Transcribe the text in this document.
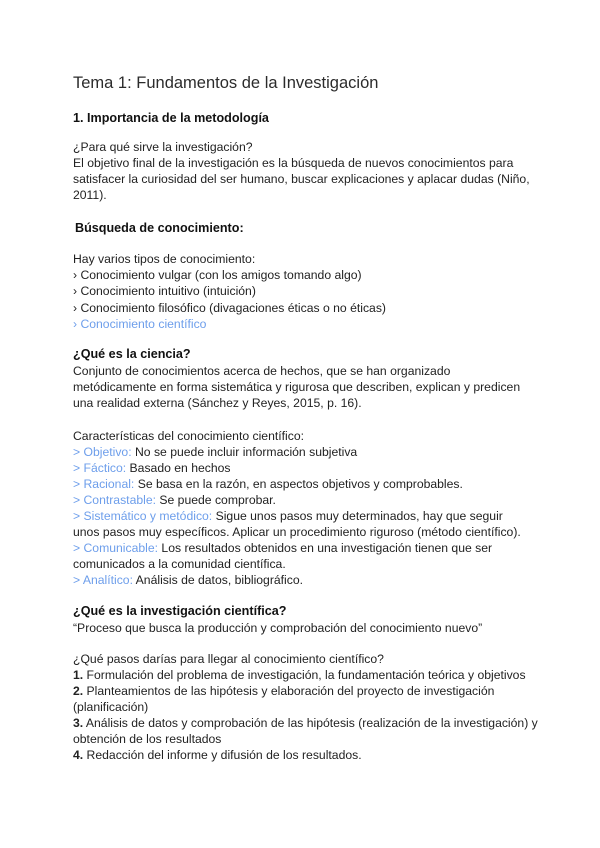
Tema 1: Fundamentos de la Investigación
1. Importancia de la metodología
¿Para qué sirve la investigación?
El objetivo final de la investigación es la búsqueda de nuevos conocimientos para satisfacer la curiosidad del ser humano, buscar explicaciones y aplacar dudas (Niño, 2011).
Búsqueda de conocimiento:
Hay varios tipos de conocimiento:
› Conocimiento vulgar (con los amigos tomando algo)
› Conocimiento intuitivo (intuición)
› Conocimiento filosófico (divagaciones éticas o no éticas)
› Conocimiento científico
¿Qué es la ciencia?
Conjunto de conocimientos acerca de hechos, que se han organizado metódicamente en forma sistemática y rigurosa que describen, explican y predicen una realidad externa (Sánchez y Reyes, 2015, p. 16).
Características del conocimiento científico:
> Objetivo: No se puede incluir información subjetiva
> Fáctico: Basado en hechos
> Racional: Se basa en la razón, en aspectos objetivos y comprobables.
> Contrastable: Se puede comprobar.
> Sistemático y metódico: Sigue unos pasos muy determinados, hay que seguir unos pasos muy específicos. Aplicar un procedimiento riguroso (método científico).
> Comunicable: Los resultados obtenidos en una investigación tienen que ser comunicados a la comunidad científica.
> Analítico: Análisis de datos, bibliográfico.
¿Qué es la investigación científica?
“Proceso que busca la producción y comprobación del conocimiento nuevo”
¿Qué pasos darías para llegar al conocimiento científico?
1. Formulación del problema de investigación, la fundamentación teórica y objetivos
2. Planteamientos de las hipótesis y elaboración del proyecto de investigación (planificación)
3. Análisis de datos y comprobación de las hipótesis (realización de la investigación) y obtención de los resultados
4. Redacción del informe y difusión de los resultados.
